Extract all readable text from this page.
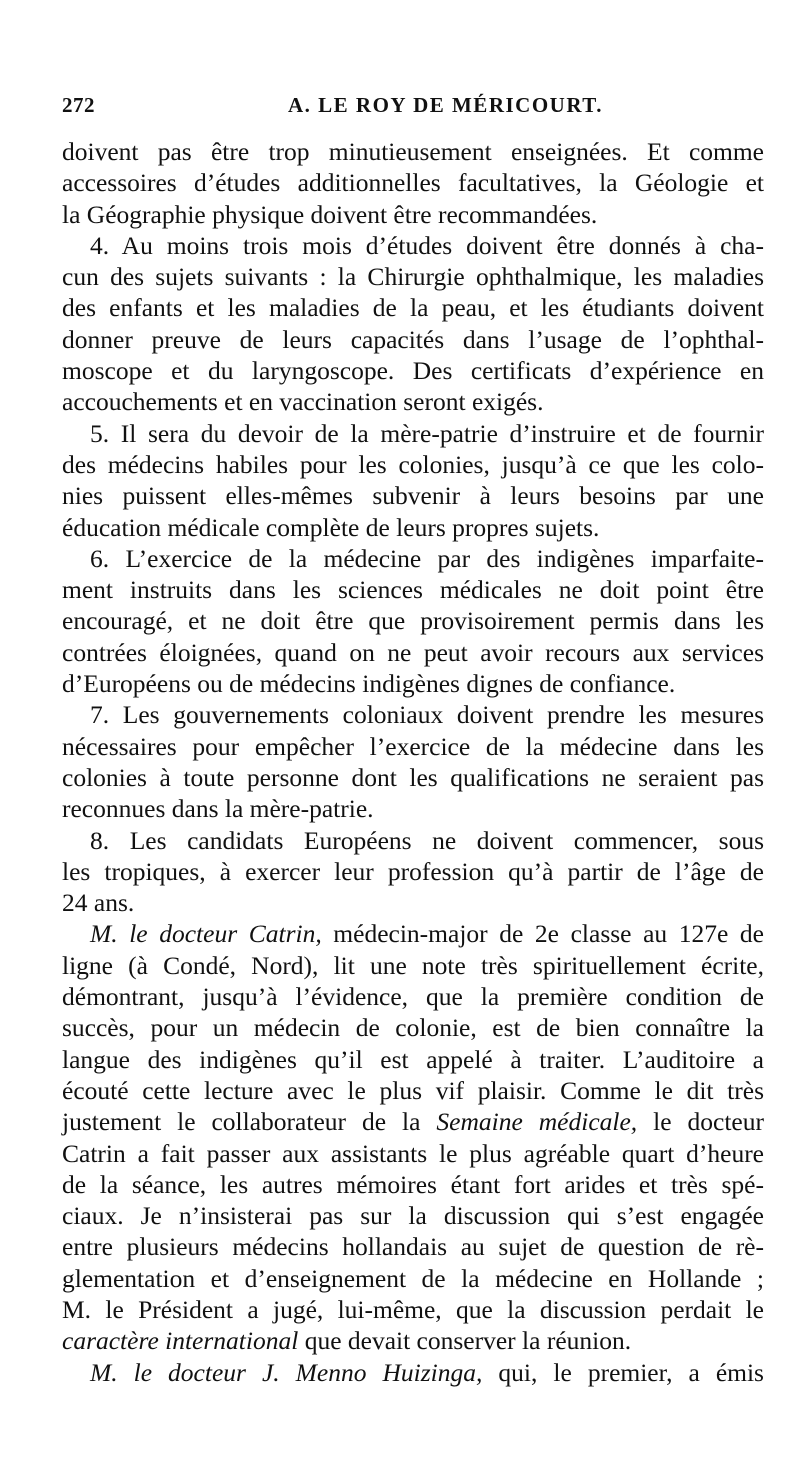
272	A. LE ROY DE MÉRICOURT.
doivent pas être trop minutieusement enseignées. Et comme
accessoires d’études additionnelles facultatives, la Géologie et
la Géographie physique doivent être recommandées.
4. Au moins trois mois d’études doivent être donnés à cha-
cun des sujets suivants : la Chirurgie ophthalmique, les maladies
des enfants et les maladies de la peau, et les étudiants doivent
donner preuve de leurs capacités dans l’usage de l’ophthal-
moscope et du laryngoscope. Des certificats d’expérience en
accouchements et en vaccination seront exigés.
5. Il sera du devoir de la mère-patrie d’instruire et de fournir
des médecins habiles pour les colonies, jusqu’à ce que les colo-
nies puissent elles-mêmes subvenir à leurs besoins par une
éducation médicale complète de leurs propres sujets.
6. L’exercice de la médecine par des indigènes imparfaite-
ment instruits dans les sciences médicales ne doit point être
encouragé, et ne doit être que provisoirement permis dans les
contrées éloignées, quand on ne peut avoir recours aux services
d’Européens ou de médecins indigènes dignes de confiance.
7. Les gouvernements coloniaux doivent prendre les mesures
nécessaires pour empêcher l’exercice de la médecine dans les
colonies à toute personne dont les qualifications ne seraient pas
reconnues dans la mère-patrie.
8. Les candidats Européens ne doivent commencer, sous
les tropiques, à exercer leur profession qu’à partir de l’âge de
24 ans.
M. le docteur Catrin, médecin-major de 2e classe au 127e de
ligne (à Condé, Nord), lit une note très spirituellement écrite,
démontrant, jusqu’à l’évidence, que la première condition de
succès, pour un médecin de colonie, est de bien connaître la
langue des indigènes qu’il est appelé à traiter. L’auditoire a
écouté cette lecture avec le plus vif plaisir. Comme le dit très
justement le collaborateur de la Semaine médicale, le docteur
Catrin a fait passer aux assistants le plus agréable quart d’heure
de la séance, les autres mémoires étant fort arides et très spé-
ciaux. Je n’insisterai pas sur la discussion qui s’est engagée
entre plusieurs médecins hollandais au sujet de question de rè-
glementation et d’enseignement de la médecine en Hollande ;
M. le Président a jugé, lui-même, que la discussion perdait le
caractère international que devait conserver la réunion.
M. le docteur J. Menno Huizinga, qui, le premier, a émis
